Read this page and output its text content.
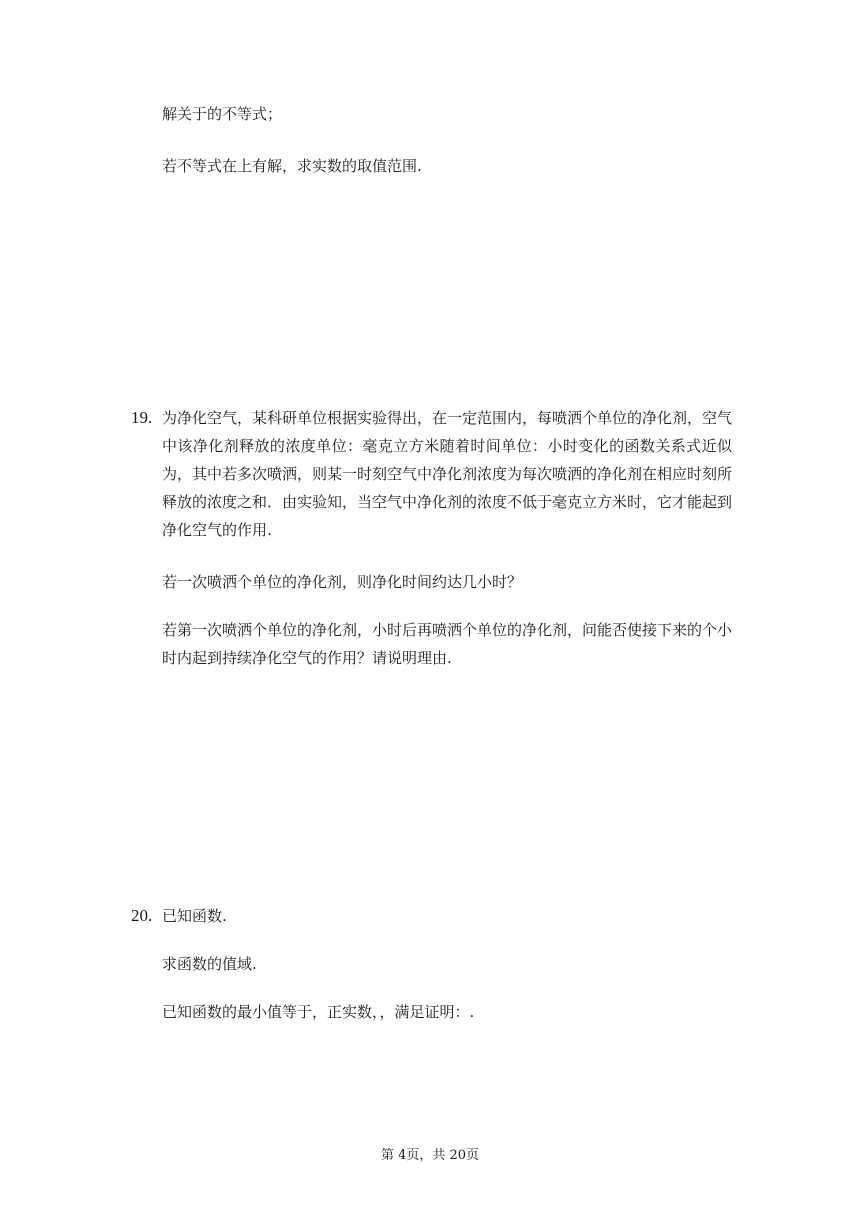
解关于的不等式；
若不等式在上有解，求实数的取值范围.
19. 为净化空气，某科研单位根据实验得出，在一定范围内，每喷洒个单位的净化剂，空气中该净化剂释放的浓度单位：毫克立方米随着时间单位：小时变化的函数关系式近似为，其中若多次喷洒，则某一时刻空气中净化剂浓度为每次喷洒的净化剂在相应时刻所释放的浓度之和．由实验知，当空气中净化剂的浓度不低于毫克立方米时，它才能起到净化空气的作用.
若一次喷洒个单位的净化剂，则净化时间约达几小时？
若第一次喷洒个单位的净化剂，小时后再喷洒个单位的净化剂，问能否使接下来的个小时内起到持续净化空气的作用？请说明理由.
20. 已知函数.
求函数的值域.
已知函数的最小值等于，正实数，，满足证明：.
第 4页，共 20页
